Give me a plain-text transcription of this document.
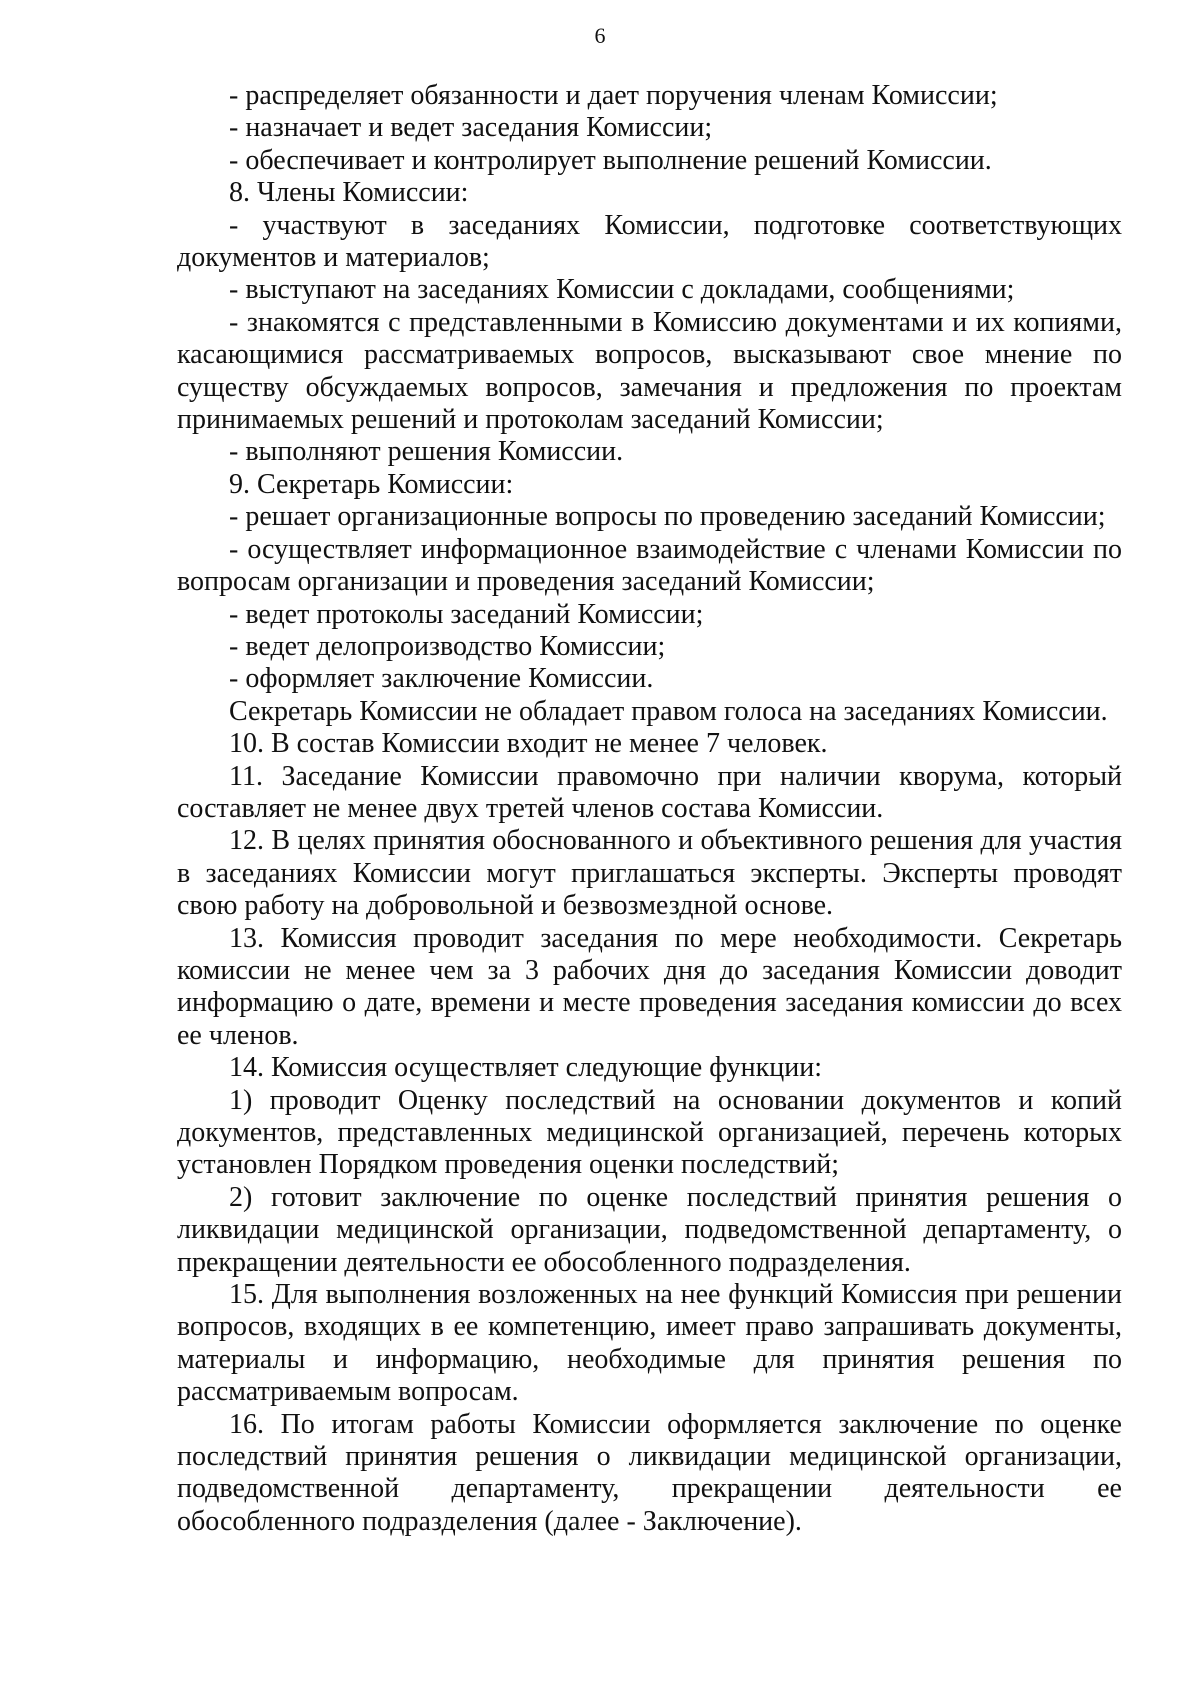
6

- распределяет обязанности и дает поручения членам Комиссии;

- назначает и ведет заседания Комиссии;

- обеспечивает и контролирует выполнение решений Комиссии.

8. Члены Комиссии:

- участвуют в заседаниях Комиссии, подготовке соответствующих документов и материалов;

- выступают на заседаниях Комиссии с докладами, сообщениями;

- знакомятся с представленными в Комиссию документами и их копиями, касающимися рассматриваемых вопросов, высказывают свое мнение по существу обсуждаемых вопросов, замечания и предложения по проектам принимаемых решений и протоколам заседаний Комиссии;

- выполняют решения Комиссии.

9. Секретарь Комиссии:

- решает организационные вопросы по проведению заседаний Комиссии;

- осуществляет информационное взаимодействие с членами Комиссии по вопросам организации и проведения заседаний Комиссии;

- ведет протоколы заседаний Комиссии;

- ведет делопроизводство Комиссии;

- оформляет заключение Комиссии.

Секретарь Комиссии не обладает правом голоса на заседаниях Комиссии.

10. В состав Комиссии входит не менее 7 человек.

11. Заседание Комиссии правомочно при наличии кворума, который составляет не менее двух третей членов состава Комиссии.

12. В целях принятия обоснованного и объективного решения для участия в заседаниях Комиссии могут приглашаться эксперты. Эксперты проводят свою работу на добровольной и безвозмездной основе.

13. Комиссия проводит заседания по мере необходимости. Секретарь комиссии не менее чем за 3 рабочих дня до заседания Комиссии доводит информацию о дате, времени и месте проведения заседания комиссии до всех ее членов.

14. Комиссия осуществляет следующие функции:

1) проводит Оценку последствий на основании документов и копий документов, представленных медицинской организацией, перечень которых установлен Порядком проведения оценки последствий;

2) готовит заключение по оценке последствий принятия решения о ликвидации медицинской организации, подведомственной департаменту, о прекращении деятельности ее обособленного подразделения.

15. Для выполнения возложенных на нее функций Комиссия при решении вопросов, входящих в ее компетенцию, имеет право запрашивать документы, материалы и информацию, необходимые для принятия решения по рассматриваемым вопросам.

16. По итогам работы Комиссии оформляется заключение по оценке последствий принятия решения о ликвидации медицинской организации, подведомственной департаменту, прекращении деятельности ее обособленного подразделения (далее - Заключение).
